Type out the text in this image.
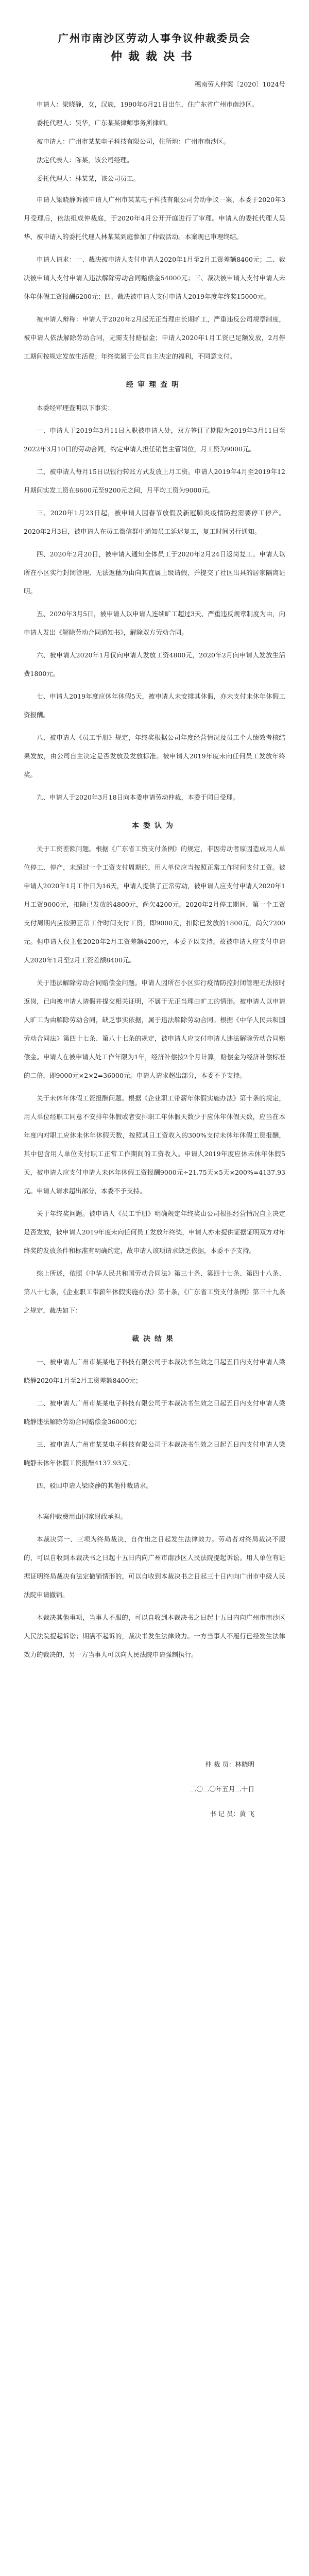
广州市南沙区劳动人事争议仲裁委员会
仲裁裁决书

穗南劳人仲案〔2020〕1024号

申请人：梁晓静，女，汉族，1990年6月21日出生，住广东省广州市南沙区。

委托代理人：吴华，广东某某律师事务所律师。

被申请人：广州市某某电子科技有限公司，住所地：广州市南沙区。

法定代表人：陈某，该公司经理。

委托代理人：林某某，该公司员工。

申请人梁晓静诉被申请人广州市某某电子科技有限公司劳动争议一案，本委于2020年3月受理后，依法组成仲裁庭，于2020年4月公开开庭进行了审理。申请人的委托代理人吴华、被申请人的委托代理人林某某到庭参加了仲裁活动。本案现已审理终结。

申请人请求：一、裁决被申请人支付申请人2020年1月至2月工资差额8400元；二、裁决被申请人支付申请人违法解除劳动合同赔偿金54000元；三、裁决被申请人支付申请人未休年休假工资报酬6200元；四、裁决被申请人支付申请人2019年度年终奖15000元。

被申请人辩称：申请人于2020年2月起无正当理由长期旷工，严重违反公司规章制度，被申请人依法解除劳动合同，无需支付赔偿金；申请人2020年1月工资已足额发放，2月停工期间按规定发放生活费；年终奖属于公司自主决定的福利，不同意支付。

经审理查明

本委经审理查明以下事实：

一、申请人于2019年3月11日入职被申请人处，双方签订了期限为2019年3月11日至2022年3月10日的劳动合同，约定申请人担任销售主管岗位，月工资为9000元。

二、被申请人每月15日以银行转账方式发放上月工资。申请人2019年4月至2019年12月期间实发工资在8600元至9200元之间，月平均工资为9000元。

三、2020年1月23日起，被申请人因春节放假及新冠肺炎疫情防控需要停工停产。2020年2月3日，被申请人在员工微信群中通知员工延迟复工，复工时间另行通知。

四、2020年2月20日，被申请人通知全体员工于2020年2月24日返岗复工。申请人以所在小区实行封闭管理、无法返穗为由向其直属上级请假，并提交了社区出具的居家隔离证明。

五、2020年3月5日，被申请人以申请人连续旷工超过3天、严重违反规章制度为由，向申请人发出《解除劳动合同通知书》，解除双方劳动合同。

六、被申请人2020年1月仅向申请人发放工资4800元，2020年2月向申请人发放生活费1800元。

七、申请人2019年度应休年休假5天，被申请人未安排其休假，亦未支付未休年休假工资报酬。

八、被申请人《员工手册》规定，年终奖根据公司年度经营情况及员工个人绩效考核结果发放，由公司自主决定是否发放及发放标准。被申请人2019年度未向任何员工发放年终奖。

九、申请人于2020年3月18日向本委申请劳动仲裁，本委于同日受理。

本委认为

关于工资差额问题。根据《广东省工资支付条例》的规定，非因劳动者原因造成用人单位停工、停产，未超过一个工资支付周期的，用人单位应当按照正常工作时间支付工资。被申请人2020年1月工作日为16天，申请人提供了正常劳动，被申请人应支付申请人2020年1月工资9000元，扣除已发放的4800元，尚欠4200元。2020年2月停工期间，第一个工资支付周期内应按照正常工作时间支付工资，即9000元，扣除已发放的1800元，尚欠7200元。但申请人仅主张2020年2月工资差额4200元，本委予以支持。故被申请人应支付申请人2020年1月至2月工资差额8400元。

关于违法解除劳动合同赔偿金问题。申请人因所在小区实行疫情防控封闭管理无法按时返岗，已向被申请人请假并提交相关证明，不属于无正当理由旷工的情形。被申请人以申请人旷工为由解除劳动合同，缺乏事实依据，属于违法解除劳动合同。根据《中华人民共和国劳动合同法》第四十七条、第八十七条的规定，被申请人应支付申请人违法解除劳动合同赔偿金。申请人在被申请人处工作年限为1年，经济补偿按2个月计算，赔偿金为经济补偿标准的二倍，即9000元×2×2=36000元。申请人请求超出部分，本委不予支持。

关于未休年休假工资报酬问题。根据《企业职工带薪年休假实施办法》第十条的规定，用人单位经职工同意不安排年休假或者安排职工年休假天数少于应休年休假天数，应当在本年度内对职工应休未休年休假天数，按照其日工资收入的300%支付未休年休假工资报酬，其中包含用人单位支付职工正常工作期间的工资收入。申请人2019年度应休未休年休假5天，被申请人应支付申请人未休年休假工资报酬9000元÷21.75天×5天×200%=4137.93元。申请人请求超出部分，本委不予支持。

关于年终奖问题。被申请人《员工手册》明确规定年终奖由公司根据经营情况自主决定是否发放，被申请人2019年度未向任何员工发放年终奖，申请人亦未提供证据证明双方对年终奖的发放条件和标准有明确约定，故申请人该项请求缺乏依据，本委不予支持。

综上所述，依照《中华人民共和国劳动合同法》第三十条、第四十七条、第四十八条、第八十七条，《企业职工带薪年休假实施办法》第十条，《广东省工资支付条例》第三十九条之规定，裁决如下：

裁决结果

一、被申请人广州市某某电子科技有限公司于本裁决书生效之日起五日内支付申请人梁晓静2020年1月至2月工资差额8400元；

二、被申请人广州市某某电子科技有限公司于本裁决书生效之日起五日内支付申请人梁晓静违法解除劳动合同赔偿金36000元；

三、被申请人广州市某某电子科技有限公司于本裁决书生效之日起五日内支付申请人梁晓静未休年休假工资报酬4137.93元；

四、驳回申请人梁晓静的其他仲裁请求。

本案仲裁费用由国家财政承担。

本裁决第一、三项为终局裁决，自作出之日起发生法律效力。劳动者对终局裁决不服的，可以自收到本裁决书之日起十五日内向广州市南沙区人民法院提起诉讼。用人单位有证据证明终局裁决有法定撤销情形的，可以自收到本裁决书之日起三十日内向广州市中级人民法院申请撤销。

本裁决其他事项，当事人不服的，可以自收到本裁决书之日起十五日内向广州市南沙区人民法院提起诉讼；期满不起诉的，裁决书发生法律效力。一方当事人不履行已经发生法律效力的裁决的，另一方当事人可以向人民法院申请强制执行。

仲 裁 员：林晓明

二〇二〇年五月二十日

书 记 员：黄 飞
